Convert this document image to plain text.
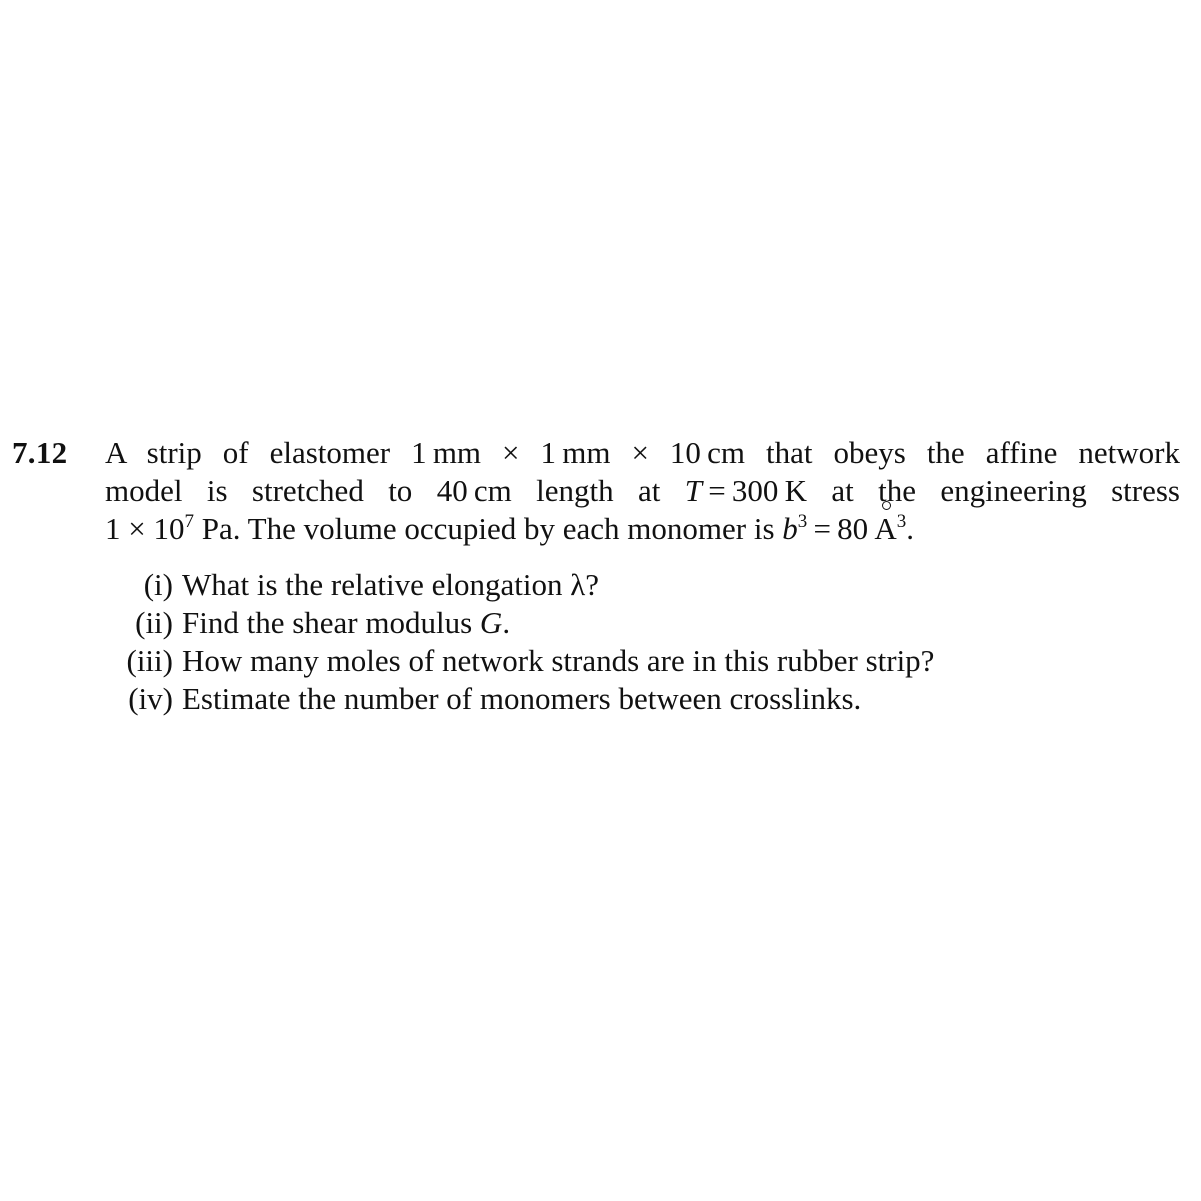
7.12 A strip of elastomer 1 mm × 1 mm × 10 cm that obeys the affine network
model is stretched to 40 cm length at T = 300 K at the engineering stress
$1 \times 10^7$ Pa. The volume occupied by each monomer is $b^3 = 80$ 
$A^3$.
(i) What is the relative elongation λ?
(ii) Find the shear modulus G.
(iii) How many moles of network strands are in this rubber strip?
(iv) Estimate the number of monomers between crosslinks.
